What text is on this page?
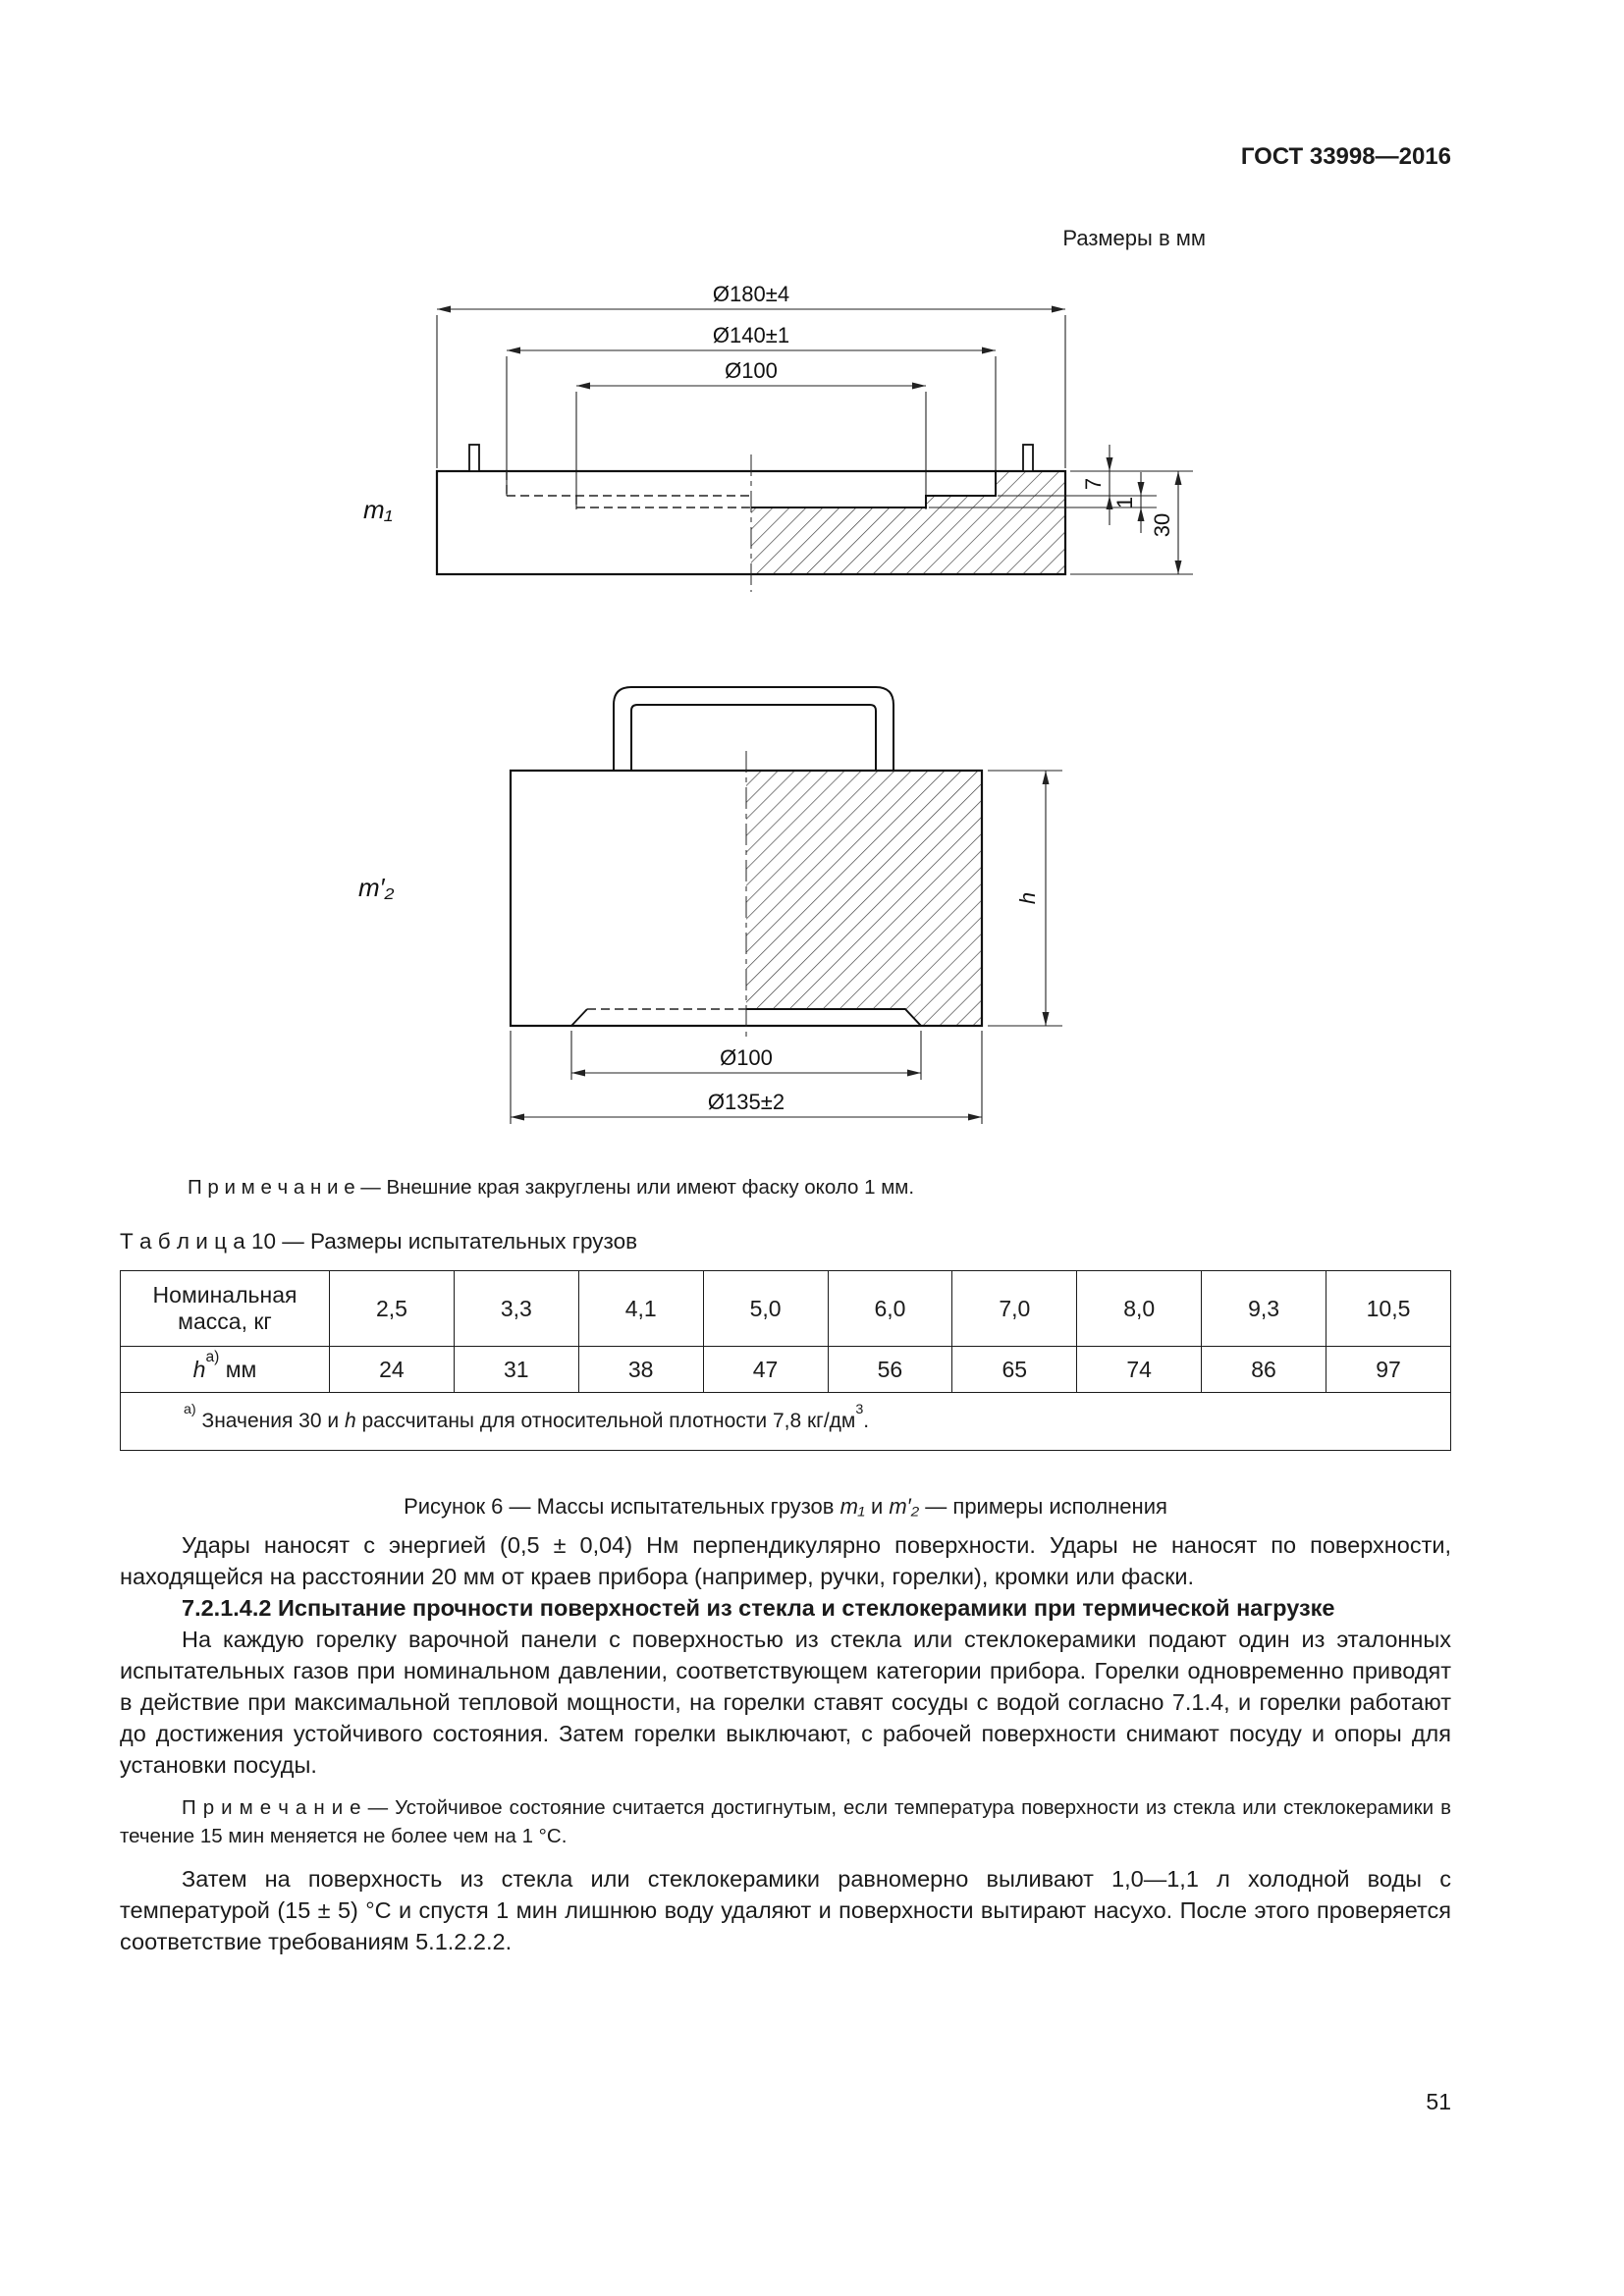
ГОСТ 33998—2016
Размеры в мм
Ø180±4
Ø140±1
Ø100
7
1
30
m₁
h
Ø100
Ø135±2
m′₂
П р и м е ч а н и е — Внешние края закруглены или имеют фаску около 1 мм.
Т а б л и ц а 10 — Размеры испытательных грузов
Номинальная масса, кг	2,5	3,3	4,1	5,0	6,0	7,0	8,0	9,3	10,5
$h^{a)}$ мм	24	31	38	47	56	65	74	86	97
$^{a)}$ Значения 30 и h рассчитаны для относительной плотности 7,8 $кг/дм^3$.									
Рисунок 6 — Массы испытательных грузов m₁ и m′₂ — примеры исполнения

Удары наносят с энергией (0,5 ± 0,04) Нм перпендикулярно поверхности. Удары не наносят по поверхности, находящейся на расстоянии 20 мм от краев прибора (например, ручки, горелки), кромки или фаски.

7.2.1.4.2 Испытание прочности поверхностей из стекла и стеклокерамики при термической нагрузке

На каждую горелку варочной панели с поверхностью из стекла или стеклокерамики подают один из эталонных испытательных газов при номинальном давлении, соответствующем категории прибора. Горелки одновременно приводят в действие при максимальной тепловой мощности, на горелки ставят сосуды с водой согласно 7.1.4, и горелки работают до достижения устойчивого состояния. Затем горелки выключают, с рабочей поверхности снимают посуду и опоры для установки посуды.

П р и м е ч а н и е — Устойчивое состояние считается достигнутым, если температура поверхности из стекла или стеклокерамики в течение 15 мин меняется не более чем на 1 °С.

Затем на поверхность из стекла или стеклокерамики равномерно выливают 1,0—1,1 л холодной воды с температурой (15 ± 5) °С и спустя 1 мин лишнюю воду удаляют и поверхности вытирают насухо. После этого проверяется соответствие требованиям 5.1.2.2.2.

51
